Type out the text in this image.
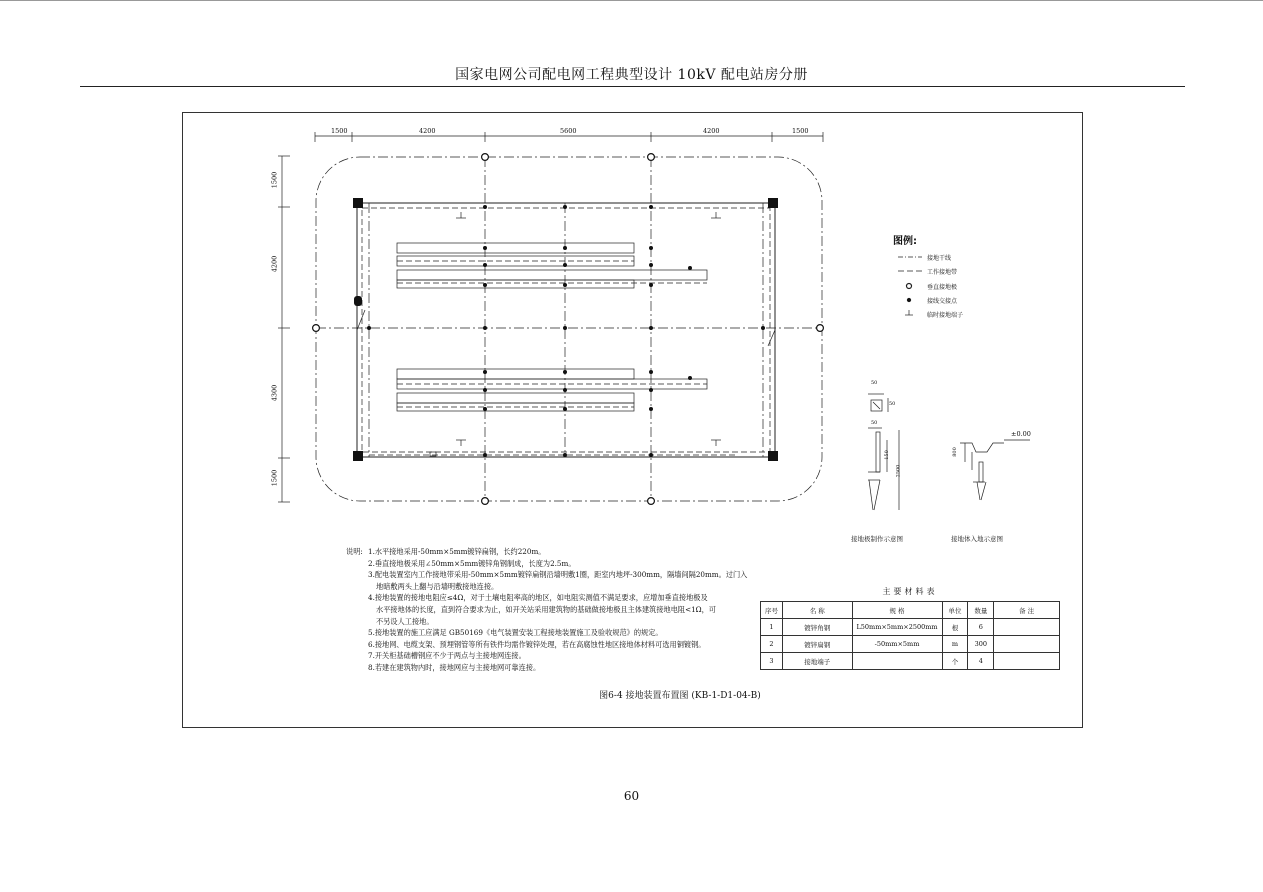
国家电网公司配电网工程典型设计 10kV 配电站房分册
1500	4200	5600	4200	1500
1500
4200
4300
1500
图例:
接地干线
工作接地带
垂直接地极
接线交接点
临时接地端子
50
50
50
150
2500
接地极制作示意图
±0.00
800
接地体入地示意图
说明: 1.水平接地采用-50mm×5mm镀锌扁钢，长约220m。
2.垂直接地极采用∠50mm×5mm镀锌角钢制成，长度为2.5m。
3.配电装置室内工作接地带采用-50mm×5mm镀锌扁钢沿墙明敷1圈，距室内地坪-300mm，隔墙间隔20mm。过门入
地暗敷两头上翻与沿墙明敷接地连接。
4.接地装置的接地电阻应≤4Ω，对于土壤电阻率高的地区，如电阻实测值不满足要求，应增加垂直接地极及
水平接地体的长度，直到符合要求为止，如开关站采用建筑物的基础做接地极且主体建筑接地电阻<1Ω，可
不另设人工接地。
5.接地装置的施工应满足 GB50169《电气装置安装工程接地装置施工及验收规范》的规定。
6.接地网、电缆支架、预埋钢管等所有铁件均需作镀锌处理，若在高腐蚀性地区接地体材料可选用铜镀钢。
7.开关柜基础槽钢应不少于两点与主接地网连接。
8.若建在建筑物内时，接地网应与主接地网可靠连接。
图6-4 接地装置布置图 (KB-1-D1-04-B)
主要材料表
序号	名 称	规 格	单位	数量	备 注
1	镀锌角钢	L50mm×5mm×2500mm	根	6	
2	镀锌扁钢	-50mm×5mm	m	300	
3	接地端子		个	4	
60
